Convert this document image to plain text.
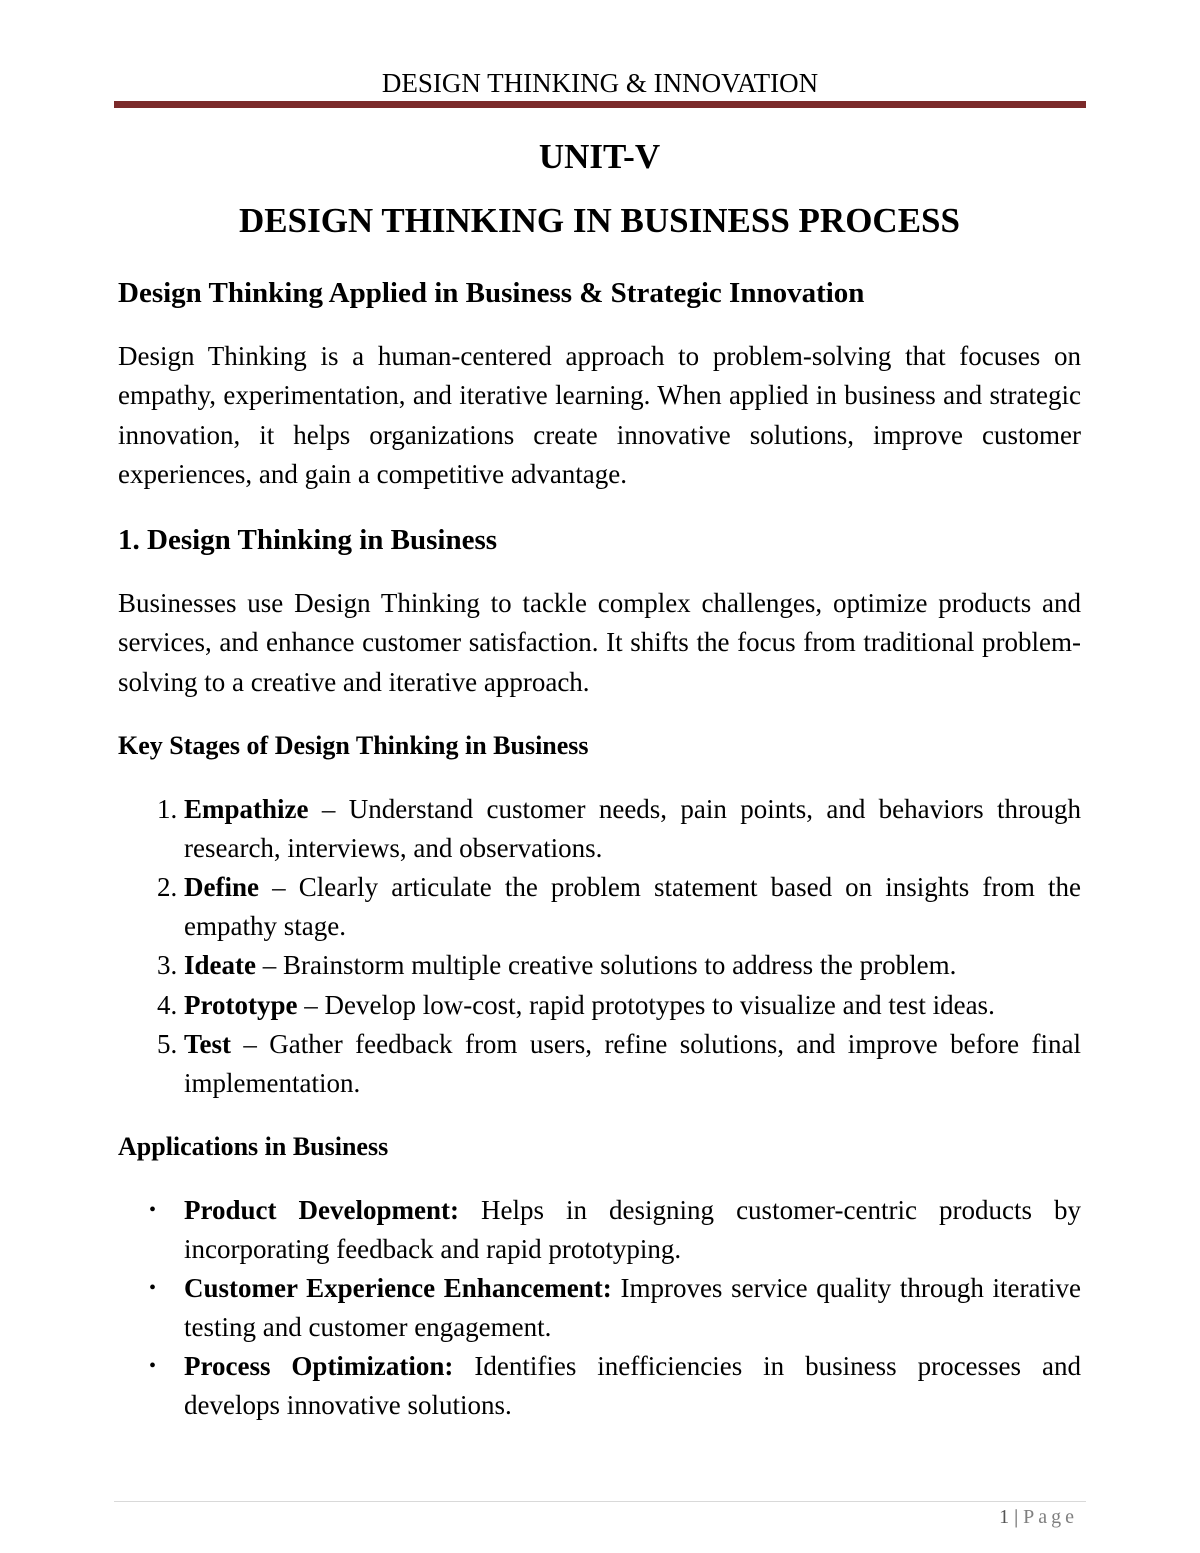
DESIGN THINKING & INNOVATION
UNIT-V
DESIGN THINKING IN BUSINESS PROCESS
Design Thinking Applied in Business & Strategic Innovation

Design Thinking is a human-centered approach to problem-solving that focuses on empathy, experimentation, and iterative learning. When applied in business and strategic innovation, it helps organizations create innovative solutions, improve customer experiences, and gain a competitive advantage.

1. Design Thinking in Business

Businesses use Design Thinking to tackle complex challenges, optimize products and services, and enhance customer satisfaction. It shifts the focus from traditional problem-solving to a creative and iterative approach.

Key Stages of Design Thinking in Business
1. Empathize – Understand customer needs, pain points, and behaviors through research, interviews, and observations.
2. Define – Clearly articulate the problem statement based on insights from the empathy stage.
3. Ideate – Brainstorm multiple creative solutions to address the problem.
4. Prototype – Develop low-cost, rapid prototypes to visualize and test ideas.
5. Test – Gather feedback from users, refine solutions, and improve before final implementation.
Applications in Business
• Product Development: Helps in designing customer-centric products by incorporating feedback and rapid prototyping.
• Customer Experience Enhancement: Improves service quality through iterative testing and customer engagement.
• Process Optimization: Identifies inefficiencies in business processes and develops innovative solutions.
1 | Page
